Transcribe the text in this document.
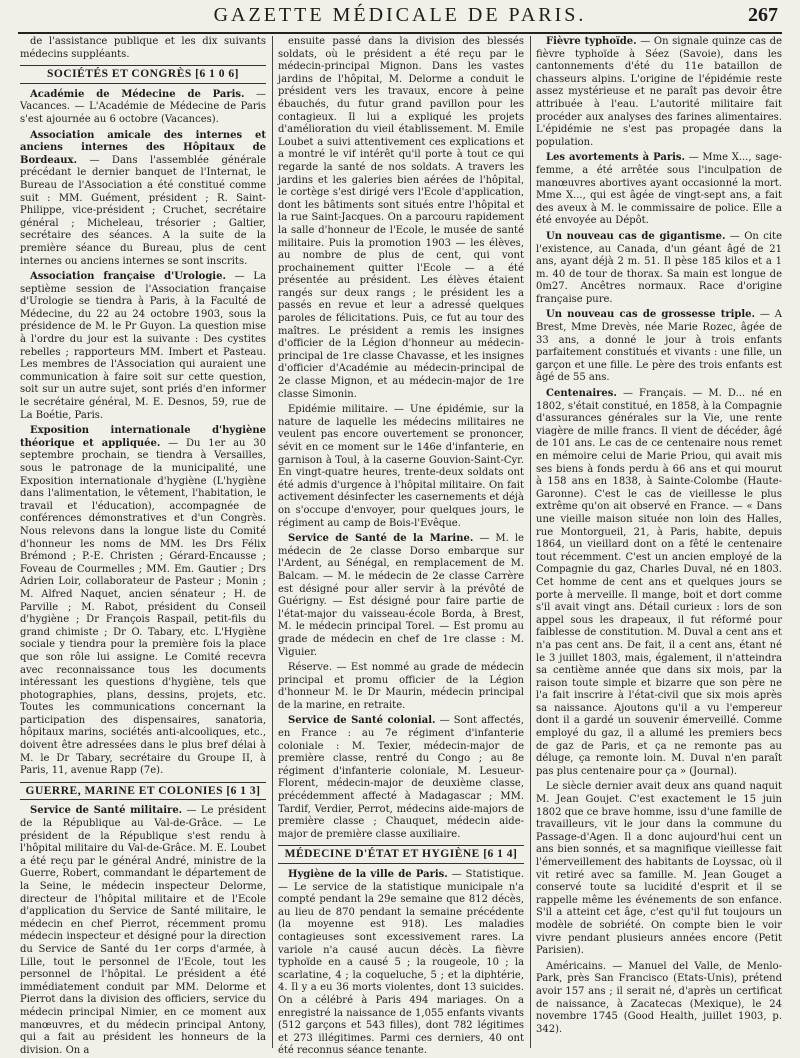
GAZETTE MÉDICALE DE PARIS.	267

de l'assistance publique et les dix suivants médecins suppléants.

SOCIÉTÉS ET CONGRÈS [6 1 0 6]

Académie de Médecine de Paris. — Vacances. — L'Académie de Médecine de Paris s'est ajournée au 6 octobre (Vacances).

Association amicale des internes et anciens internes des Hôpitaux de Bordeaux. — Dans l'assemblée générale précédant le dernier banquet de l'Internat, le Bureau de l'Association a été constitué comme suit : MM. Guément, président ; R. Saint-Philippe, vice-président ; Cruchet, secrétaire général ; Micheleau, trésorier ; Galtier, secrétaire des séances. A la suite de la première séance du Bureau, plus de cent internes ou anciens internes se sont inscrits.

Association française d'Urologie. — La septième session de l'Association française d'Urologie se tiendra à Paris, à la Faculté de Médecine, du 22 au 24 octobre 1903, sous la présidence de M. le Pr Guyon. La question mise à l'ordre du jour est la suivante : Des cystites rebelles ; rapporteurs MM. Imbert et Pasteau. Les membres de l'Association qui auraient une communication à faire soit sur cette question, soit sur un autre sujet, sont priés d'en informer le secrétaire général, M. E. Desnos, 59, rue de La Boétie, Paris.

Exposition internationale d'hygiène théorique et appliquée. — Du 1er au 30 septembre prochain, se tiendra à Versailles, sous le patronage de la municipalité, une Exposition internationale d'hygiène (L'hygiène dans l'alimentation, le vêtement, l'habitation, le travail et l'éducation), accompagnée de conférences démonstratives et d'un Congrès. Nous relevons dans la longue liste du Comité d'honneur les noms de MM. les Drs Félix Brémond ; P.-E. Christen ; Gérard-Encausse ; Foveau de Courmelles ; MM. Em. Gautier ; Drs Adrien Loir, collaborateur de Pasteur ; Monin ; M. Alfred Naquet, ancien sénateur ; H. de Parville ; M. Rabot, président du Conseil d'hygiène ; Dr François Raspail, petit-fils du grand chimiste ; Dr O. Tabary, etc. L'Hygiène sociale y tiendra pour la première fois la place que son rôle lui assigne. Le Comité recevra avec reconnaissance tous les documents intéressant les questions d'hygiène, tels que photographies, plans, dessins, projets, etc. Toutes les communications concernant la participation des dispensaires, sanatoria, hôpitaux marins, sociétés anti-alcooliques, etc., doivent être adressées dans le plus bref délai à M. le Dr Tabary, secrétaire du Groupe II, à Paris, 11, avenue Rapp (7e).

GUERRE, MARINE ET COLONIES [6 1 3]

Service de Santé militaire. — Le président de la République au Val-de-Grâce. — Le président de la République s'est rendu à l'hôpital militaire du Val-de-Grâce. M. E. Loubet a été reçu par le général André, ministre de la Guerre, Robert, commandant le département de la Seine, le médecin inspecteur Delorme, directeur de l'hôpital militaire et de l'Ecole d'application du Service de Santé militaire, le médecin en chef Pierrot, récemment promu médecin inspecteur et désigné pour la direction du Service de Santé du 1er corps d'armée, à Lille, tout le personnel de l'Ecole, tout les personnel de l'hôpital. Le président a été immédiatement conduit par MM. Delorme et Pierrot dans la division des officiers, service du médecin principal Nimier, en ce moment aux manœuvres, et du médecin principal Antony, qui a fait au président les honneurs de la division. On a

ensuite passé dans la division des blessés soldats, où le président a été reçu par le médecin-principal Mignon. Dans les vastes jardins de l'hôpital, M. Delorme a conduit le président vers les travaux, encore à peine ébauchés, du futur grand pavillon pour les contagieux. Il lui a expliqué les projets d'amélioration du vieil établissement. M. Emile Loubet a suivi attentivement ces explications et a montré le vif intérêt qu'il porte à tout ce qui regarde la santé de nos soldats. A travers les jardins et les galeries bien aérées de l'hôpital, le cortège s'est dirigé vers l'Ecole d'application, dont les bâtiments sont situés entre l'hôpital et la rue Saint-Jacques. On a parcouru rapidement la salle d'honneur de l'Ecole, le musée de santé militaire. Puis la promotion 1903 — les élèves, au nombre de plus de cent, qui vont prochainement quitter l'Ecole — a été présentée au président. Les élèves étaient rangés sur deux rangs ; le président les a passés en revue et leur a adressé quelques paroles de félicitations. Puis, ce fut au tour des maîtres. Le président a remis les insignes d'officier de la Légion d'honneur au médecin-principal de 1re classe Chavasse, et les insignes d'officier d'Académie au médecin-principal de 2e classe Mignon, et au médecin-major de 1re classe Simonin.

Epidémie militaire. — Une épidémie, sur la nature de laquelle les médecins militaires ne veulent pas encore ouvertement se prononcer, sévit en ce moment sur le 146e d'infanterie, en garnison à Toul, à la caserne Gouvion-Saint-Cyr. En vingt-quatre heures, trente-deux soldats ont été admis d'urgence à l'hôpital militaire. On fait activement désinfecter les casernements et déjà on s'occupe d'envoyer, pour quelques jours, le régiment au camp de Bois-l'Evêque.

Service de Santé de la Marine. — M. le médecin de 2e classe Dorso embarque sur l'Ardent, au Sénégal, en remplacement de M. Balcam. — M. le médecin de 2e classe Carrère est désigné pour aller servir à la prévôté de Guérigny. — Est désigné pour faire partie de l'état-major du vaisseau-école Borda, à Brest, M. le médecin principal Torel. — Est promu au grade de médecin en chef de 1re classe : M. Viguier.

Réserve. — Est nommé au grade de médecin principal et promu officier de la Légion d'honneur M. le Dr Maurin, médecin principal de la marine, en retraite.

Service de Santé colonial. — Sont affectés, en France : au 7e régiment d'infanterie coloniale : M. Texier, médecin-major de première classe, rentré du Congo ; au 8e régiment d'infanterie coloniale, M. Lesueur-Florent, médecin-major de deuxième classe, précédemment affecté à Madagascar ; MM. Tardif, Verdier, Perrot, médecins aide-majors de première classe ; Chauquet, médecin aide-major de première classe auxiliaire.

MÉDECINE D'ÉTAT ET HYGIÈNE [6 1 4]

Hygiène de la ville de Paris. — Statistique. — Le service de la statistique municipale n'a compté pendant la 29e semaine que 812 décès, au lieu de 870 pendant la semaine précédente (la moyenne est 918). Les maladies contagieuses sont excessivement rares. La variole n'a causé aucun décès. La fièvre typhoïde en a causé 5 ; la rougeole, 10 ; la scarlatine, 4 ; la coqueluche, 5 ; et la diphtérie, 4. Il y a eu 36 morts violentes, dont 13 suicides. On a célébré à Paris 494 mariages. On a enregistré la naissance de 1,055 enfants vivants (512 garçons et 543 filles), dont 782 légitimes et 273 illégitimes. Parmi ces derniers, 40 ont été reconnus séance tenante.

Fièvre typhoïde. — On signale quinze cas de fièvre typhoïde à Séez (Savoie), dans les cantonnements d'été du 11e bataillon de chasseurs alpins. L'origine de l'épidémie reste assez mystérieuse et ne paraît pas devoir être attribuée à l'eau. L'autorité militaire fait procéder aux analyses des farines alimentaires. L'épidémie ne s'est pas propagée dans la population.

Les avortements à Paris. — Mme X..., sage-femme, a été arrêtée sous l'inculpation de manœuvres abortives ayant occasionné la mort. Mme X..., qui est âgée de vingt-sept ans, a fait des aveux à M. le commissaire de police. Elle a été envoyée au Dépôt.

Un nouveau cas de gigantisme. — On cite l'existence, au Canada, d'un géant âgé de 21 ans, ayant déjà 2 m. 51. Il pèse 185 kilos et a 1 m. 40 de tour de thorax. Sa main est longue de 0m27. Ancêtres normaux. Race d'origine française pure.

Un nouveau cas de grossesse triple. — A Brest, Mme Drevès, née Marie Rozec, âgée de 33 ans, a donné le jour à trois enfants parfaitement constitués et vivants : une fille, un garçon et une fille. Le père des trois enfants est âgé de 55 ans.

Centenaires. — Français. — M. D... né en 1802, s'était constitué, en 1858, à la Compagnie d'assurances générales sur la Vie, une rente viagère de mille francs. Il vient de décéder, âgé de 101 ans. Le cas de ce centenaire nous remet en mémoire celui de Marie Priou, qui avait mis ses biens à fonds perdu à 66 ans et qui mourut à 158 ans en 1838, à Sainte-Colombe (Haute-Garonne). C'est le cas de vieillesse le plus extrême qu'on ait observé en France. — « Dans une vieille maison située non loin des Halles, rue Montorgueil, 21, à Paris, habite, depuis 1864, un vieillard dont on a fêté le centenaire tout récemment. C'est un ancien employé de la Compagnie du gaz, Charles Duval, né en 1803. Cet homme de cent ans et quelques jours se porte à merveille. Il mange, boit et dort comme s'il avait vingt ans. Détail curieux : lors de son appel sous les drapeaux, il fut réformé pour faiblesse de constitution. M. Duval a cent ans et n'a pas cent ans. De fait, il a cent ans, étant né le 3 juillet 1803, mais, également, il n'atteindra sa centième année que dans six mois, par la raison toute simple et bizarre que son père ne l'a fait inscrire à l'état-civil que six mois après sa naissance. Ajoutons qu'il a vu l'empereur dont il a gardé un souvenir émerveillé. Comme employé du gaz, il a allumé les premiers becs de gaz de Paris, et ça ne remonte pas au déluge, ça remonte loin. M. Duval n'en paraît pas plus centenaire pour ça » (Journal).

Le siècle dernier avait deux ans quand naquit M. Jean Goujet. C'est exactement le 15 juin 1802 que ce brave homme, issu d'une famille de travailleurs, vit le jour dans la commune du Passage-d'Agen. Il a donc aujourd'hui cent un ans bien sonnés, et sa magnifique vieillesse fait l'émerveillement des habitants de Loyssac, où il vit retiré avec sa famille. M. Jean Gouget a conservé toute sa lucidité d'esprit et il se rappelle même les événements de son enfance. S'il a atteint cet âge, c'est qu'il fut toujours un modèle de sobriété. On compte bien le voir vivre pendant plusieurs années encore (Petit Parisien).

Américains. — Manuel del Valle, de Menlo-Park, près San Francisco (Etats-Unis), prétend avoir 157 ans ; il serait né, d'après un certificat de naissance, à Zacatecas (Mexique), le 24 novembre 1745 (Good Health, juillet 1903, p. 342).
